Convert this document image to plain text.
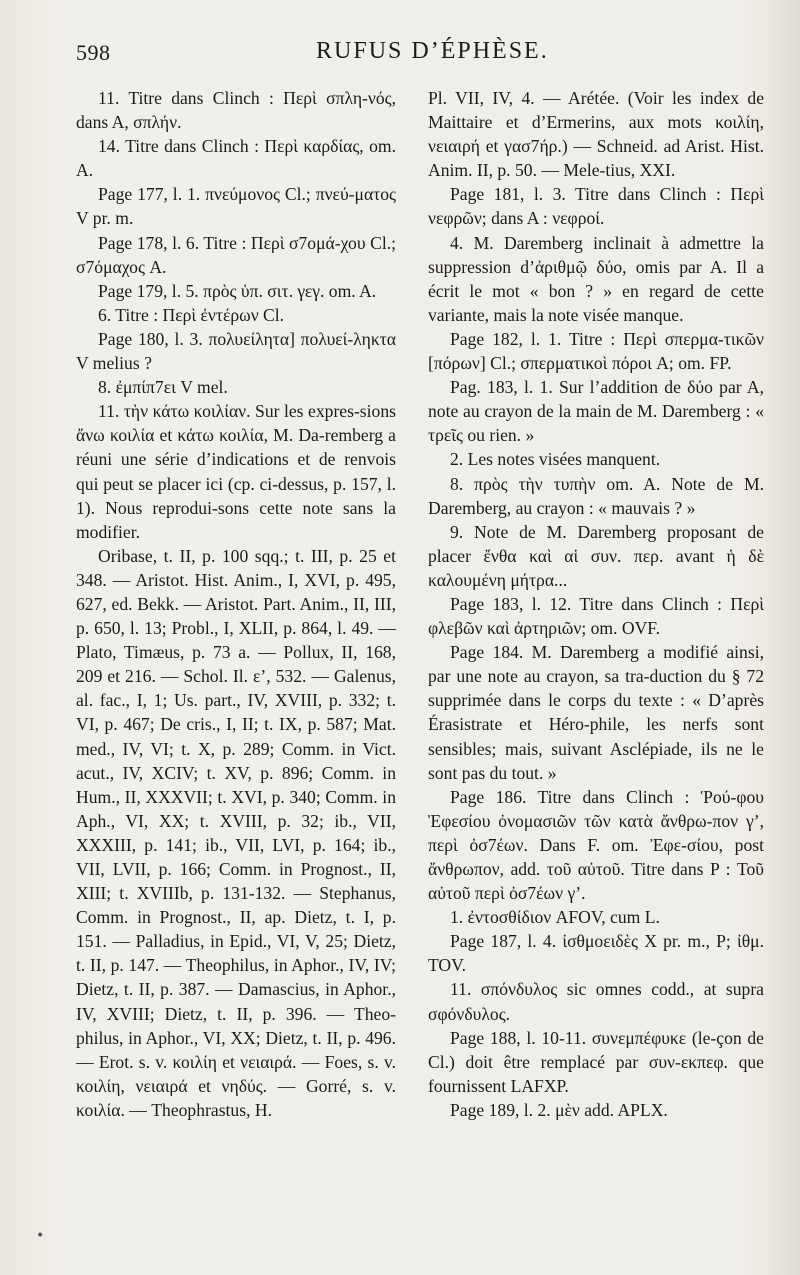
598	RUFUS D’ÉPHÈSE.

11. Titre dans Clinch : Περὶ σπλη-νός, dans A, σπλήν.

14. Titre dans Clinch : Περὶ καρδίας, om. A.

Page 177, l. 1. πνεύμονος Cl.; πνεύ-ματος V pr. m.

Page 178, l. 6. Titre : Περὶ σ7ομά-χου Cl.; σ7όμαχος A.

Page 179, l. 5. πρὸς ὑπ. σιτ. γεγ. om. A.

6. Titre : Περὶ ἐντέρων Cl.

Page 180, l. 3. πολυείλητα] πολυεί-ληκτα V melius ?

8. ἐμπίπ7ει V mel.

11. τὴν κάτω κοιλίαν. Sur les expres-sions ἄνω κοιλία et κάτω κοιλία, M. Da-remberg a réuni une série d’indications et de renvois qui peut se placer ici (cp. ci-dessus, p. 157, l. 1). Nous reprodui-sons cette note sans la modifier.

Oribase, t. II, p. 100 sqq.; t. III, p. 25 et 348. — Aristot. Hist. Anim., I, XVI, p. 495, 627, ed. Bekk. — Aristot. Part. Anim., II, III, p. 650, l. 13; Probl., I, XLII, p. 864, l. 49. — Plato, Timæus, p. 73 a. — Pollux, II, 168, 209 et 216. — Schol. Il. ε’, 532. — Galenus, al. fac., I, 1; Us. part., IV, XVIII, p. 332; t. VI, p. 467; De cris., I, II; t. IX, p. 587; Mat. med., IV, VI; t. X, p. 289; Comm. in Vict. acut., IV, XCIV; t. XV, p. 896; Comm. in Hum., II, XXXVII; t. XVI, p. 340; Comm. in Aph., VI, XX; t. XVIII, p. 32; ib., VII, XXXIII, p. 141; ib., VII, LVI, p. 164; ib., VII, LVII, p. 166; Comm. in Prognost., II, XIII; t. XVIIIb, p. 131-132. — Stephanus, Comm. in Prognost., II, ap. Dietz, t. I, p. 151. — Palladius, in Epid., VI, V, 25; Dietz, t. II, p. 147. — Theophilus, in Aphor., IV, IV; Dietz, t. II, p. 387. — Damascius, in Aphor., IV, XVIII; Dietz, t. II, p. 396. — Theo-philus, in Aphor., VI, XX; Dietz, t. II, p. 496. — Erot. s. v. κοιλίη et νειαιρά. — Foes, s. v. κοιλίη, νειαιρά et νηδύς. — Gorré, s. v. κοιλία. — Theophrastus, H.

Pl. VII, IV, 4. — Arétée. (Voir les index de Maittaire et d’Ermerins, aux mots κοιλίη, νειαιρή et γασ7ήρ.) — Schneid. ad Arist. Hist. Anim. II, p. 50. — Mele-tius, XXI.

Page 181, l. 3. Titre dans Clinch : Περὶ νεφρῶν; dans A : νεφροί.

4. M. Daremberg inclinait à admettre la suppression d’ἀριθμῷ δύο, omis par A. Il a écrit le mot « bon ? » en regard de cette variante, mais la note visée manque.

Page 182, l. 1. Titre : Περὶ σπερμα-τικῶν [πόρων] Cl.; σπερματικοὶ πόροι A; om. FP.

Pag. 183, l. 1. Sur l’addition de δύο par A, note au crayon de la main de M. Daremberg : « τρεῖς ou rien. »

2. Les notes visées manquent.

8. πρὸς τὴν τυπὴν om. A. Note de M. Daremberg, au crayon : « mauvais ? »

9. Note de M. Daremberg proposant de placer ἔνθα καὶ αἱ συν. περ. avant ἡ δὲ καλουμένη μήτρα...

Page 183, l. 12. Titre dans Clinch : Περὶ φλεβῶν καὶ ἀρτηριῶν; om. OVF.

Page 184. M. Daremberg a modifié ainsi, par une note au crayon, sa tra-duction du § 72 supprimée dans le corps du texte : « D’après Érasistrate et Héro-phile, les nerfs sont sensibles; mais, suivant Asclépiade, ils ne le sont pas du tout. »

Page 186. Titre dans Clinch : Ῥού-φου Ἐφεσίου ὀνομασιῶν τῶν κατὰ ἄνθρω-πον γ’, περὶ ὀσ7έων. Dans F. om. Ἐφε-σίου, post ἄνθρωπον, add. τοῦ αὐτοῦ. Titre dans P : Τοῦ αὐτοῦ περὶ ὀσ7έων γ’.

1. ἐντοσθίδιον AFOV, cum L.

Page 187, l. 4. ἰσθμοειδὲς X pr. m., P; ἰθμ. TOV.

11. σπόνδυλος sic omnes codd., at supra σφόνδυλος.

Page 188, l. 10-11. συνεμπέφυκε (le-çon de Cl.) doit être remplacé par συν-εκπεφ. que fournissent LAFXP.

Page 189, l. 2. μὲν add. APLX.

•
